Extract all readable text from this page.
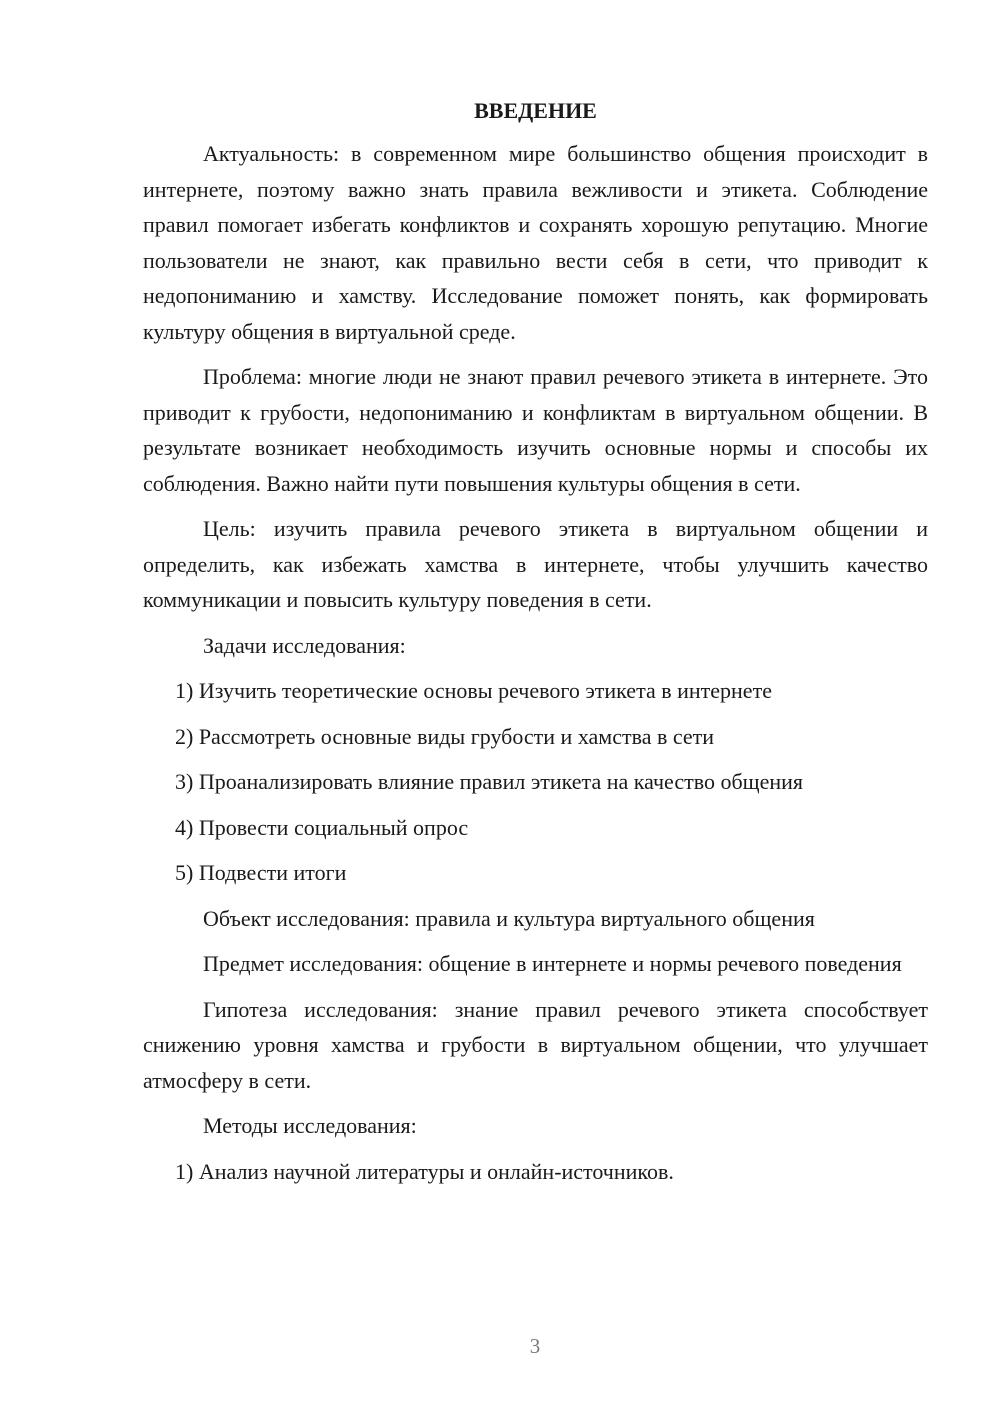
ВВЕДЕНИЕ
Актуальность: в современном мире большинство общения происходит в интернете, поэтому важно знать правила вежливости и этикета. Соблюдение правил помогает избегать конфликтов и сохранять хорошую репутацию. Многие пользователи не знают, как правильно вести себя в сети, что приводит к недопониманию и хамству. Исследование поможет понять, как формировать культуру общения в виртуальной среде.
Проблема: многие люди не знают правил речевого этикета в интернете. Это приводит к грубости, недопониманию и конфликтам в виртуальном общении. В результате возникает необходимость изучить основные нормы и способы их соблюдения. Важно найти пути повышения культуры общения в сети.
Цель: изучить правила речевого этикета в виртуальном общении и определить, как избежать хамства в интернете, чтобы улучшить качество коммуникации и повысить культуру поведения в сети.
Задачи исследования:
1) Изучить теоретические основы речевого этикета в интернете
2) Рассмотреть основные виды грубости и хамства в сети
3) Проанализировать влияние правил этикета на качество общения
4) Провести социальный опрос
5) Подвести итоги
Объект исследования: правила и культура виртуального общения
Предмет исследования: общение в интернете и нормы речевого поведения
Гипотеза исследования: знание правил речевого этикета способствует снижению уровня хамства и грубости в виртуальном общении, что улучшает атмосферу в сети.
Методы исследования:
1) Анализ научной литературы и онлайн-источников.
3
